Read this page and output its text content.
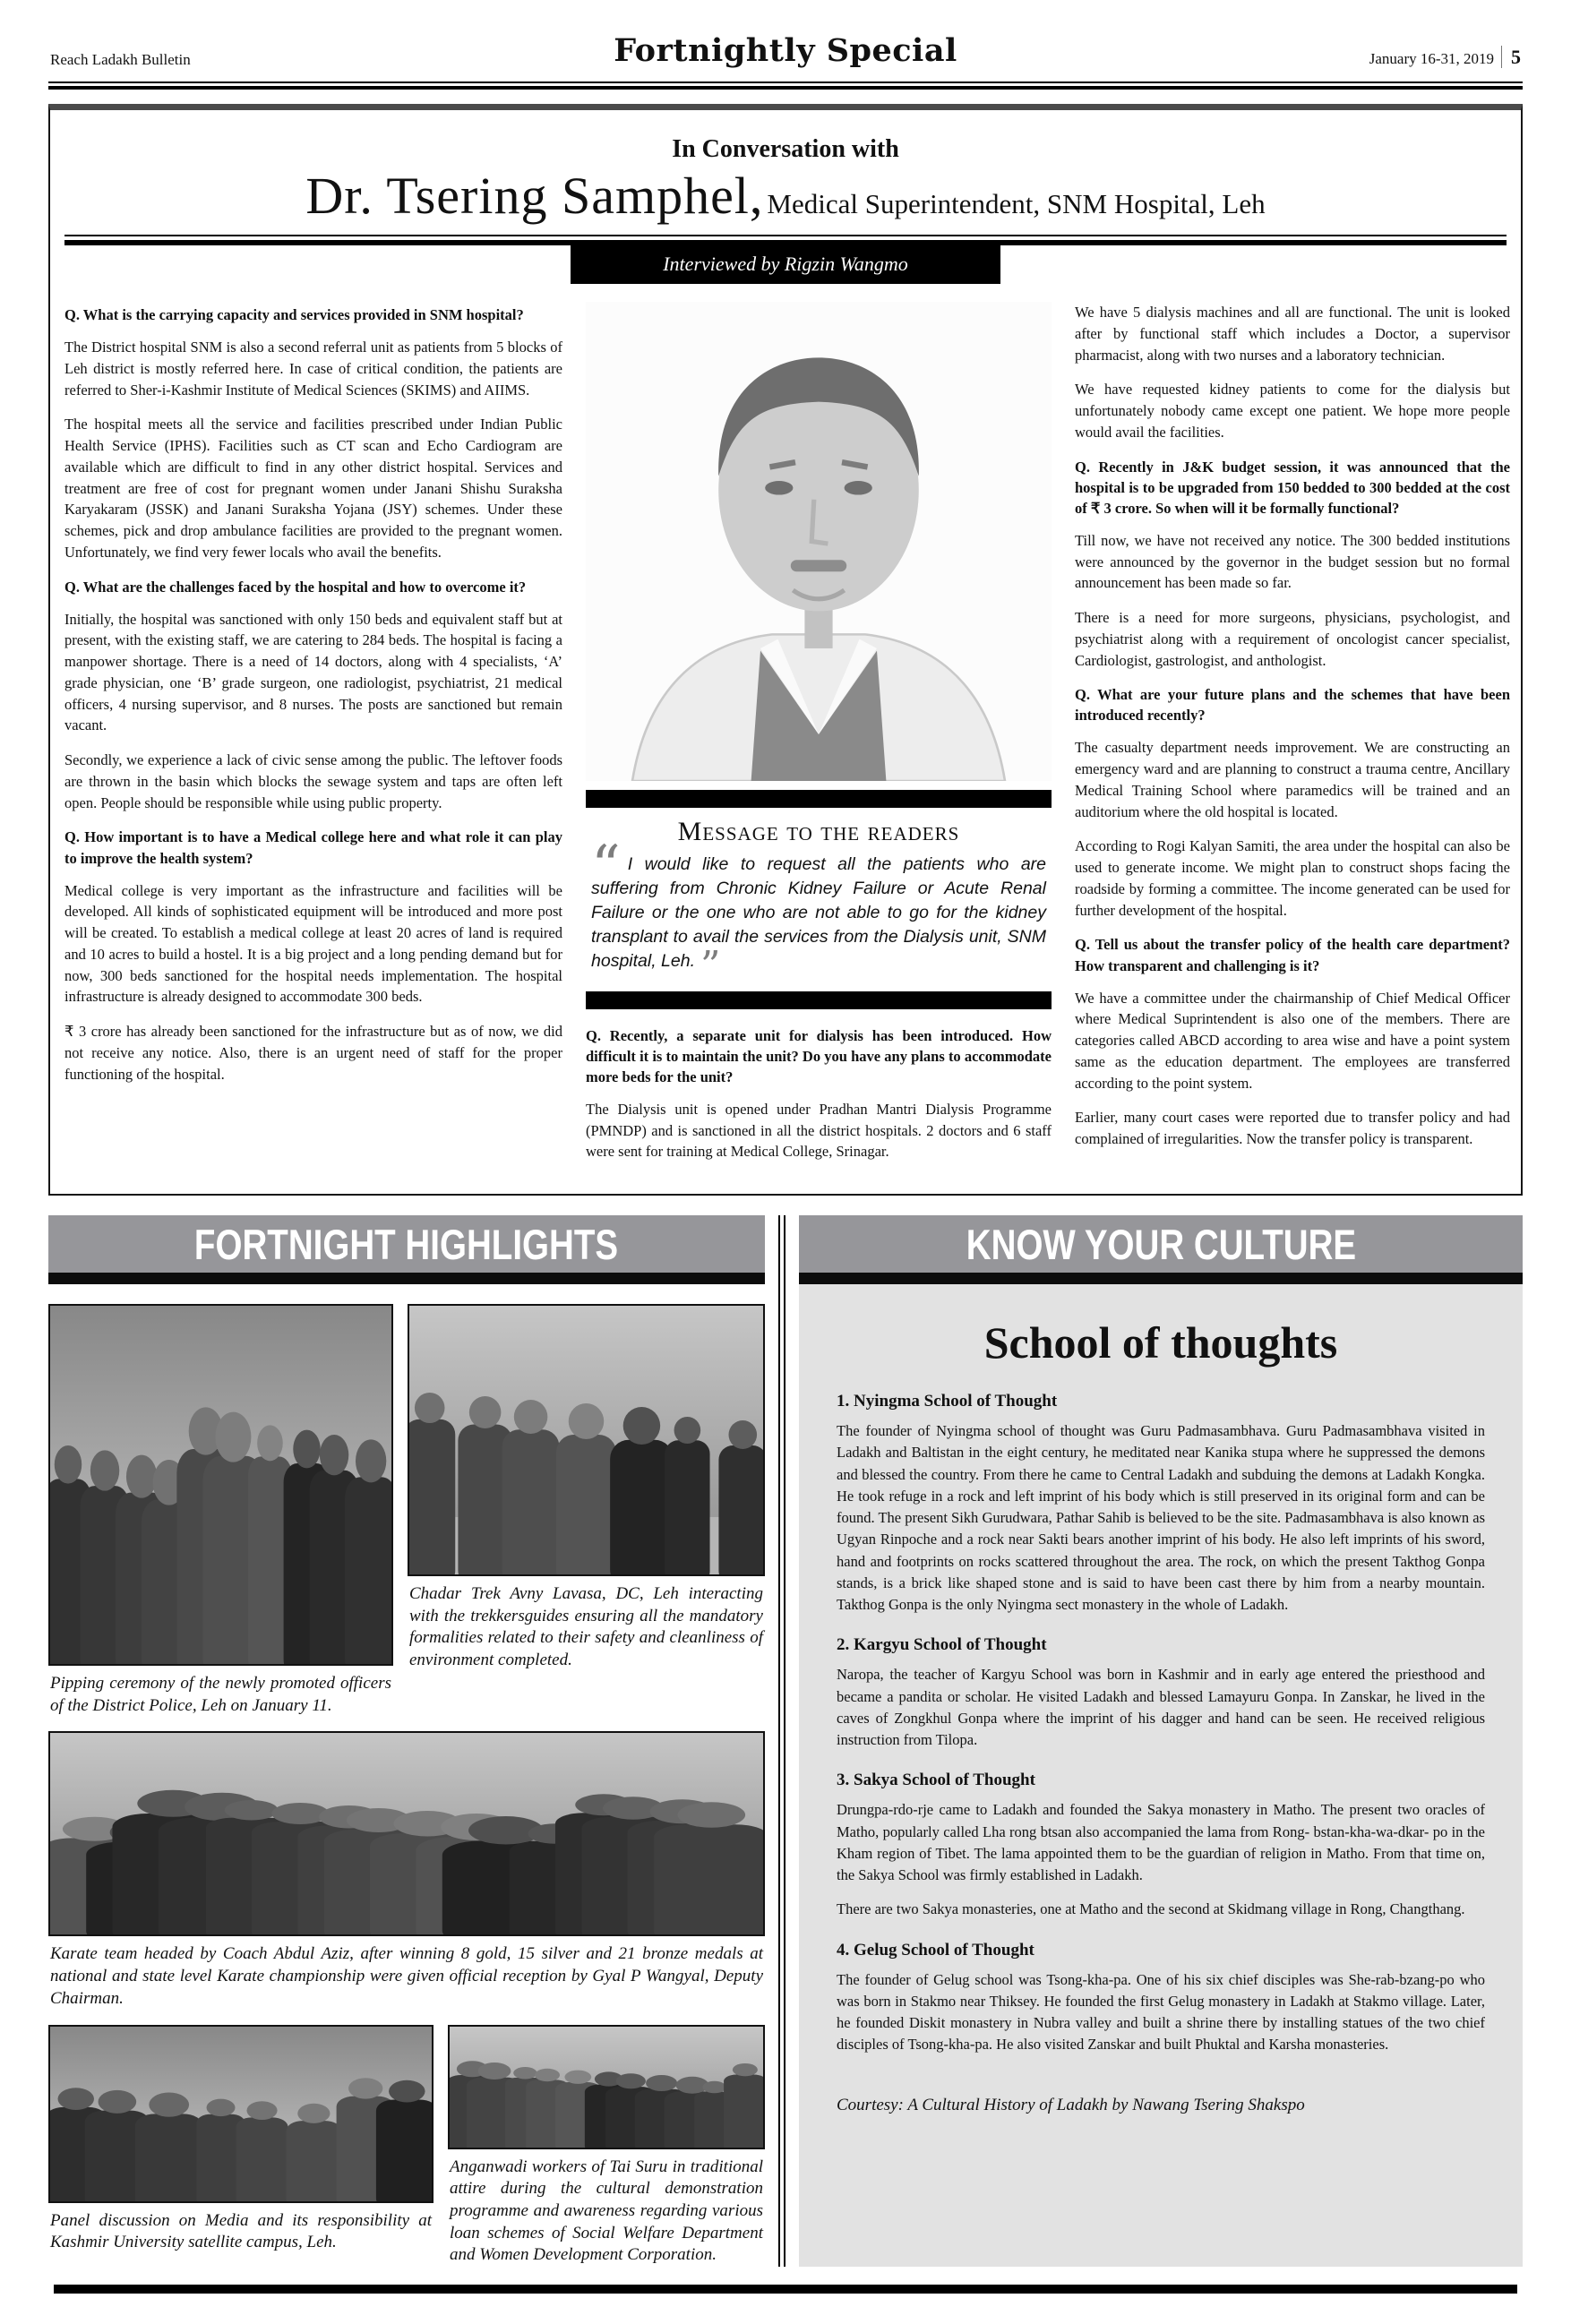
Reach Ladakh Bulletin	Fortnightly Special	January 16-31, 2019 5
In Conversation with
Dr. Tsering Samphel, Medical Superintendent, SNM Hospital, Leh
Interviewed by Rigzin Wangmo

Q. What is the carrying capacity and services provided in SNM hospital?

The District hospital SNM is also a second referral unit as patients from 5 blocks of Leh district is mostly referred here. In case of critical condition, the patients are referred to Sher-i-Kashmir Institute of Medical Sciences (SKIMS) and AIIMS.

The hospital meets all the service and facilities prescribed under Indian Public Health Service (IPHS). Facilities such as CT scan and Echo Cardiogram are available which are difficult to find in any other district hospital. Services and treatment are free of cost for pregnant women under Janani Shishu Suraksha Karyakaram (JSSK) and Janani Suraksha Yojana (JSY) schemes. Under these schemes, pick and drop ambulance facilities are provided to the pregnant women. Unfortunately, we find very fewer locals who avail the benefits.

Q. What are the challenges faced by the hospital and how to overcome it?

Initially, the hospital was sanctioned with only 150 beds and equivalent staff but at present, with the existing staff, we are catering to 284 beds. The hospital is facing a manpower shortage. There is a need of 14 doctors, along with 4 specialists, ‘A’ grade physician, one ‘B’ grade surgeon, one radiologist, psychiatrist, 21 medical officers, 4 nursing supervisor, and 8 nurses. The posts are sanctioned but remain vacant.

Secondly, we experience a lack of civic sense among the public. The leftover foods are thrown in the basin which blocks the sewage system and taps are often left open. People should be responsible while using public property.

Q. How important is to have a Medical college here and what role it can play to improve the health system?

Medical college is very important as the infrastructure and facilities will be developed. All kinds of sophisticated equipment will be introduced and more post will be created. To establish a medical college at least 20 acres of land is required and 10 acres to build a hostel. It is a big project and a long pending demand but for now, 300 beds sanctioned for the hospital needs implementation. The hospital infrastructure is already designed to accommodate 300 beds.

₹ 3 crore has already been sanctioned for the infrastructure but as of now, we did not receive any notice. Also, there is an urgent need of staff for the proper functioning of the hospital.

Message to the readers

“ I would like to request all the patients who are suffering from Chronic Kidney Failure or Acute Renal Failure or the one who are not able to go for the kidney transplant to avail the services from the Dialysis unit, SNM hospital, Leh. ”

Q. Recently, a separate unit for dialysis has been introduced. How difficult it is to maintain the unit? Do you have any plans to accommodate more beds for the unit?

The Dialysis unit is opened under Pradhan Mantri Dialysis Programme (PMNDP) and is sanctioned in all the district hospitals. 2 doctors and 6 staff were sent for training at Medical College, Srinagar.

We have 5 dialysis machines and all are functional. The unit is looked after by functional staff which includes a Doctor, a supervisor pharmacist, along with two nurses and a laboratory technician.

We have requested kidney patients to come for the dialysis but unfortunately nobody came except one patient. We hope more people would avail the facilities.

Q. Recently in J&K budget session, it was announced that the hospital is to be upgraded from 150 bedded to 300 bedded at the cost of ₹ 3 crore. So when will it be formally functional?

Till now, we have not received any notice. The 300 bedded institutions were announced by the governor in the budget session but no formal announcement has been made so far.

There is a need for more surgeons, physicians, psychologist, and psychiatrist along with a requirement of oncologist cancer specialist, Cardiologist, gastrologist, and anthologist.

Q. What are your future plans and the schemes that have been introduced recently?

The casualty department needs improvement. We are constructing an emergency ward and are planning to construct a trauma centre, Ancillary Medical Training School where paramedics will be trained and an auditorium where the old hospital is located.

According to Rogi Kalyan Samiti, the area under the hospital can also be used to generate income. We might plan to construct shops facing the roadside by forming a committee. The income generated can be used for further development of the hospital.

Q. Tell us about the transfer policy of the health care department? How transparent and challenging is it?

We have a committee under the chairmanship of Chief Medical Officer where Medical Suprintendent is also one of the members. There are categories called ABCD according to area wise and have a point system same as the education department. The employees are transferred according to the point system.

Earlier, many court cases were reported due to transfer policy and had complained of irregularities. Now the transfer policy is transparent.

FORTNIGHT HIGHLIGHTS

Pipping ceremony of the newly promoted officers of the District Police, Leh on January 11.

Chadar Trek Avny Lavasa, DC, Leh interacting with the trekkersguides ensuring all the mandatory formalities related to their safety and cleanliness of environment completed.

Karate team headed by Coach Abdul Aziz, after winning 8 gold, 15 silver and 21 bronze medals at national and state level Karate championship were given official reception by Gyal P Wangyal, Deputy Chairman.

Panel discussion on Media and its responsibility at Kashmir University satellite campus, Leh.

Anganwadi workers of Tai Suru in traditional attire during the cultural demonstration programme and awareness regarding various loan schemes of Social Welfare Department and Women Development Corporation.

KNOW YOUR CULTURE
School of thoughts
1. Nyingma School of Thought

The founder of Nyingma school of thought was Guru Padmasambhava. Guru Padmasambhava visited in Ladakh and Baltistan in the eight century, he meditated near Kanika stupa where he suppressed the demons and blessed the country. From there he came to Central Ladakh and subduing the demons at Ladakh Kongka. He took refuge in a rock and left imprint of his body which is still preserved in its original form and can be found. The present Sikh Gurudwara, Pathar Sahib is believed to be the site. Padmasambhava is also known as Ugyan Rinpoche and a rock near Sakti bears another imprint of his body. He also left imprints of his sword, hand and footprints on rocks scattered throughout the area. The rock, on which the present Takthog Gonpa stands, is a brick like shaped stone and is said to have been cast there by him from a nearby mountain. Takthog Gonpa is the only Nyingma sect monastery in the whole of Ladakh.

2. Kargyu School of Thought

Naropa, the teacher of Kargyu School was born in Kashmir and in early age entered the priesthood and became a pandita or scholar. He visited Ladakh and blessed Lamayuru Gonpa. In Zanskar, he lived in the caves of Zongkhul Gonpa where the imprint of his dagger and hand can be seen. He received religious instruction from Tilopa.

3. Sakya School of Thought

Drungpa-rdo-rje came to Ladakh and founded the Sakya monastery in Matho. The present two oracles of Matho, popularly called Lha rong btsan also accompanied the lama from Rong- bstan-kha-wa-dkar- po in the Kham region of Tibet. The lama appointed them to be the guardian of religion in Matho. From that time on, the Sakya School was firmly established in Ladakh.

There are two Sakya monasteries, one at Matho and the second at Skidmang village in Rong, Changthang.

4. Gelug School of Thought

The founder of Gelug school was Tsong-kha-pa. One of his six chief disciples was She-rab-bzang-po who was born in Stakmo near Thiksey. He founded the first Gelug monastery in Ladakh at Stakmo village. Later, he founded Diskit monastery in Nubra valley and built a shrine there by installing statues of the two chief disciples of Tsong-kha-pa. He also visited Zanskar and built Phuktal and Karsha monasteries.

Courtesy: A Cultural History of Ladakh by Nawang Tsering Shakspo
